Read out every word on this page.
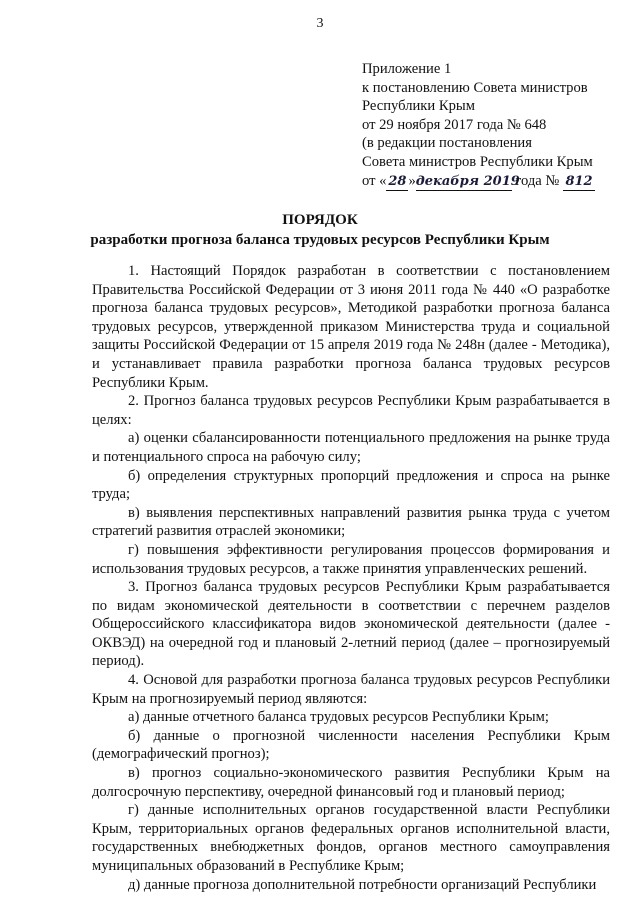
3
Приложение 1
к постановлению Совета министров
Республики Крым
от 29 ноября 2017 года № 648
(в редакции постановления
Совета министров Республики Крым
от « 28 »декабря 2019 года № 812
ПОРЯДОК
разработки прогноза баланса трудовых ресурсов Республики Крым

1. Настоящий Порядок разработан в соответствии с постановлением Правительства Российской Федерации от 3 июня 2011 года № 440 «О разработке прогноза баланса трудовых ресурсов», Методикой разработки прогноза баланса трудовых ресурсов, утвержденной приказом Министерства труда и социальной защиты Российской Федерации от 15 апреля 2019 года № 248н (далее - Методика), и устанавливает правила разработки прогноза баланса трудовых ресурсов Республики Крым.

2. Прогноз баланса трудовых ресурсов Республики Крым разрабатывается в целях:

а) оценки сбалансированности потенциального предложения на рынке труда и потенциального спроса на рабочую силу;

б) определения структурных пропорций предложения и спроса на рынке труда;

в) выявления перспективных направлений развития рынка труда с учетом стратегий развития отраслей экономики;

г) повышения эффективности регулирования процессов формирования и использования трудовых ресурсов, а также принятия управленческих решений.

3. Прогноз баланса трудовых ресурсов Республики Крым разрабатывается по видам экономической деятельности в соответствии с перечнем разделов Общероссийского классификатора видов экономической деятельности (далее - ОКВЭД) на очередной год и плановый 2-летний период (далее – прогнозируемый период).

4. Основой для разработки прогноза баланса трудовых ресурсов Республики Крым на прогнозируемый период являются:

а) данные отчетного баланса трудовых ресурсов Республики Крым;

б) данные о прогнозной численности населения Республики Крым (демографический прогноз);

в) прогноз социально-экономического развития Республики Крым на долгосрочную перспективу, очередной финансовый год и плановый период;

г) данные исполнительных органов государственной власти Республики Крым, территориальных органов федеральных органов исполнительной власти, государственных внебюджетных фондов, органов местного самоуправления муниципальных образований в Республике Крым;

д) данные прогноза дополнительной потребности организаций Республики
